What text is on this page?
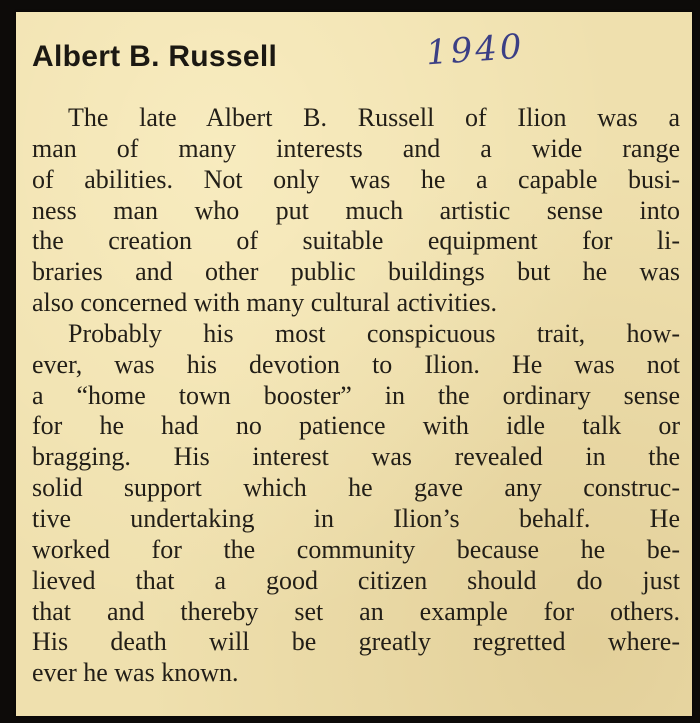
Albert B. Russell	1940
The late Albert B. Russell of Ilion was a
man of many interests and a wide range
of abilities. Not only was he a capable busi-
ness man who put much artistic sense into
the creation of suitable equipment for li-
braries and other public buildings but he was
also concerned with many cultural activities.
Probably his most conspicuous trait, how-
ever, was his devotion to Ilion. He was not
a “home town booster” in the ordinary sense
for he had no patience with idle talk or
bragging. His interest was revealed in the
solid support which he gave any construc-
tive undertaking in Ilion’s behalf. He
worked for the community because he be-
lieved that a good citizen should do just
that and thereby set an example for others.
His death will be greatly regretted where-
ever he was known.
